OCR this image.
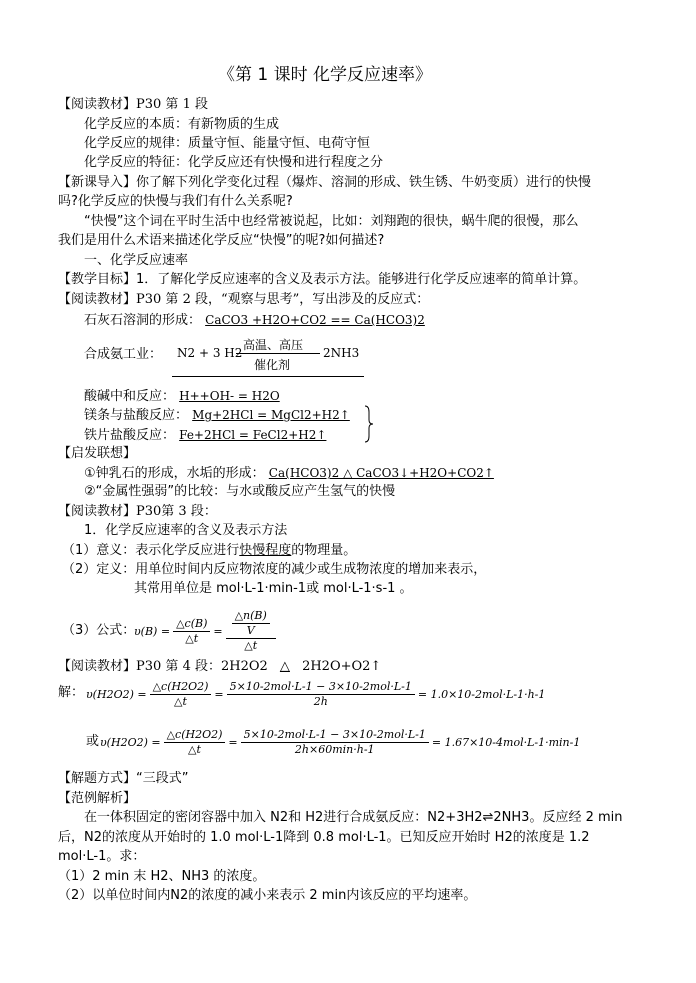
《第 1 课时 化学反应速率》
【阅读教材】P30 第 1 段
化学反应的本质：有新物质的生成
化学反应的规律：质量守恒、能量守恒、电荷守恒
化学反应的特征：化学反应还有快慢和进行程度之分
【新课导入】你了解下列化学变化过程（爆炸、溶洞的形成、铁生锈、牛奶变质）进行的快慢
吗?化学反应的快慢与我们有什么关系呢?
“快慢”这个词在平时生活中也经常被说起，比如：刘翔跑的很快，蜗牛爬的很慢，那么
我们是用什么术语来描述化学反应“快慢”的呢?如何描述?
一、化学反应速率
【教学目标】1．了解化学反应速率的含义及表示方法。能够进行化学反应速率的简单计算。
【阅读教材】P30 第 2 段，“观察与思考”，写出涉及的反应式：
石灰石溶洞的形成： CaCO3 +H2O+CO2 == Ca(HCO3)2
合成氨工业： N2 + 3 H2
高温、高压
催化剂
2NH3
酸碱中和反应： H++OH- = H2O
镁条与盐酸反应： Mg+2HCl = MgCl2+H2↑
铁片盐酸反应： Fe+2HCl = FeCl2+H2↑
【启发联想】
①钟乳石的形成，水垢的形成： Ca(HCO3)2 △ CaCO3↓+H2O+CO2↑
②“金属性强弱”的比较：与水或酸反应产生氢气的快慢
【阅读教材】P30第 3 段：
1．化学反应速率的含义及表示方法
（1）意义：表示化学反应进行快慢程度的物理量。
（2）定义：用单位时间内反应物浓度的减少或生成物浓度的增加来表示，
其常用单位是 mol·L-1·min-1或 mol·L-1·s-1 。
（3）公式：
$\upsilon(B) = \frac{\triangle c(B)}{\triangle t} = \frac{\frac{\triangle n(B)}{V}}{\triangle t}$
【阅读教材】P30 第 4 段：2H2O2 △ 2H2O+O2↑
解： $\upsilon(H2O2) = \frac{\triangle c(H2O2)}{\triangle t} = \frac{\text{5×10-2mol·L-1 − 3×10-2mol·L-1}}{2h} = 1.0\times 10-2mol\cdot L-1\cdot h-1$
或 $\upsilon(H2O2) = \frac{\triangle c(H2O2)}{\triangle t} = \frac{\text{5×10-2mol·L-1 − 3×10-2mol·L-1}}{2h\times 60\min\cdot h-1} = 1.67\times 10-4mol\cdot L-1\cdot\min-1$
【解题方式】“三段式”
【范例解析】
在一体积固定的密闭容器中加入 N2和 H2进行合成氨反应：N2+3H2⇌2NH3。反应经 2 min
后，N2的浓度从开始时的 1.0 mol·L-1降到 0.8 mol·L-1。已知反应开始时 H2的浓度是 1.2
mol·L-1。求：
（1）2 min 末 H2、NH3 的浓度。
（2）以单位时间内N2的浓度的减小来表示 2 min内该反应的平均速率。
